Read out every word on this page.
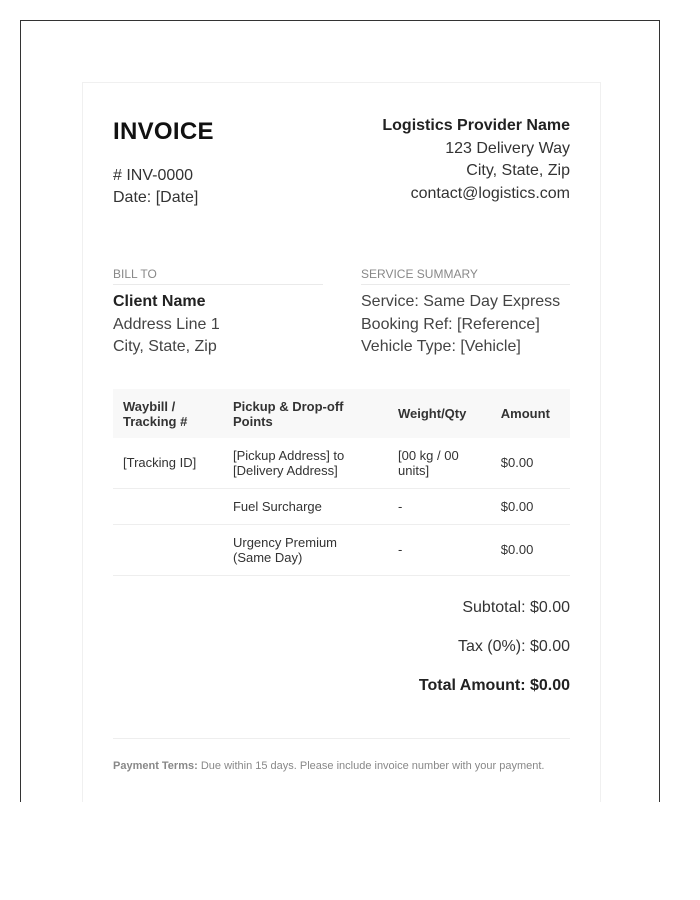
INVOICE
# INV-0000
Date: [Date]
Logistics Provider Name
123 Delivery Way
City, State, Zip
contact@logistics.com
BILL TO
Client Name
Address Line 1
City, State, Zip
SERVICE SUMMARY
Service: Same Day Express
Booking Ref: [Reference]
Vehicle Type: [Vehicle]
Waybill / Tracking #	Pickup & Drop-off Points	Weight/Qty	Amount
[Tracking ID]	[Pickup Address] to [Delivery Address]	[00 kg / 00 units]	$0.00
	Fuel Surcharge	-	$0.00
	Urgency Premium (Same Day)	-	$0.00
Subtotal: $0.00
Tax (0%): $0.00
Total Amount: $0.00
Payment Terms: Due within 15 days. Please include invoice number with your payment.
